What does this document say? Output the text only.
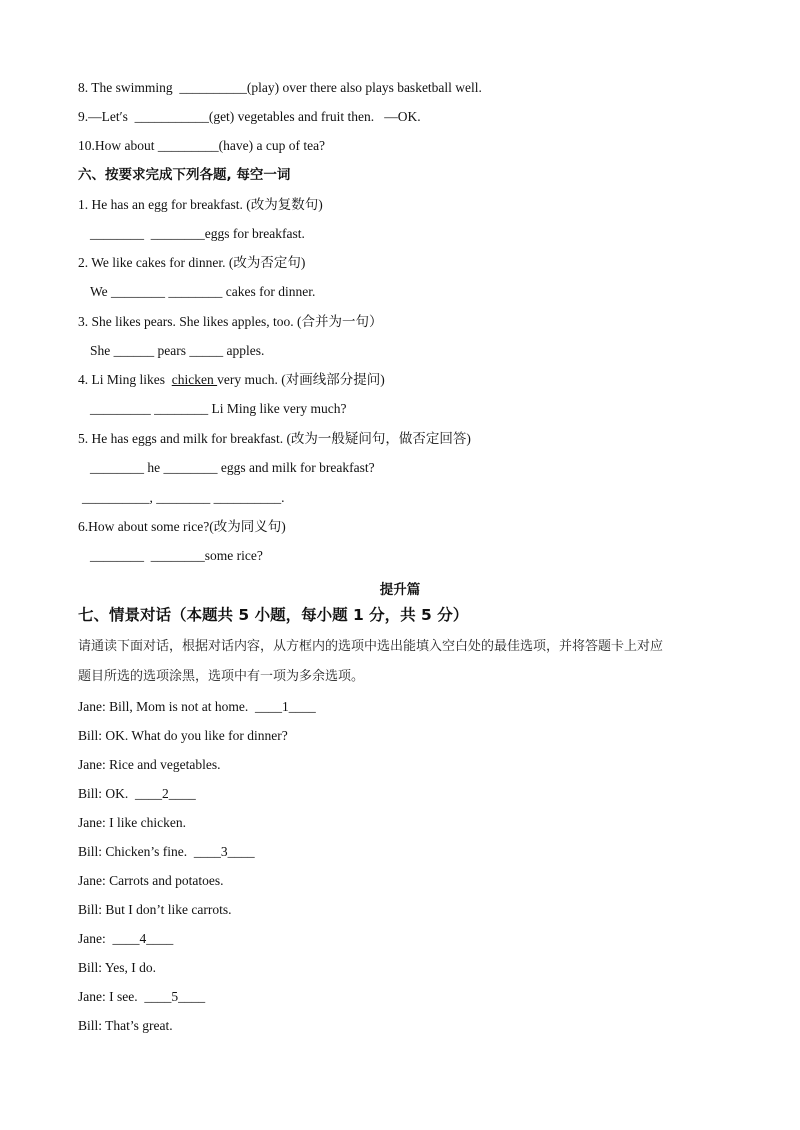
8. The swimming  __________(play) over there also plays basketball well.
9.—Let′s  ___________(get) vegetables and fruit then.   —OK.
10.How about _________(have) a cup of tea?
六、按要求完成下列各题, 每空一词
1. He has an egg for breakfast. (改为复数句)
________  ________eggs for breakfast.
2. We like cakes for dinner. (改为否定句)
We ________ ________ cakes for dinner.
3. She likes pears. She likes apples, too. (合并为一句）
She ______ pears _____ apples.
4. Li Ming likes  chicken very much. (对画线部分提问)
_________ ________ Li Ming like very much?
5. He has eggs and milk for breakfast. (改为一般疑问句，做否定回答)
________ he ________ eggs and milk for breakfast?
__________, ________ __________.
6.How about some rice?(改为同义句)
________  ________some rice?
提升篇
七、情景对话（本题共 5 小题，每小题 1 分，共 5 分）
请通读下面对话，根据对话内容，从方框内的选项中选出能填入空白处的最佳选项，并将答题卡上对应
题目所选的选项涂黑，选项中有一项为多余选项。
Jane: Bill, Mom is not at home.  ____1____
Bill: OK. What do you like for dinner?
Jane: Rice and vegetables.
Bill: OK.  ____2____
Jane: I like chicken.
Bill: Chicken’s fine.  ____3____
Jane: Carrots and potatoes.
Bill: But I don’t like carrots.
Jane:  ____4____
Bill: Yes, I do.
Jane: I see.  ____5____
Bill: That’s great.
